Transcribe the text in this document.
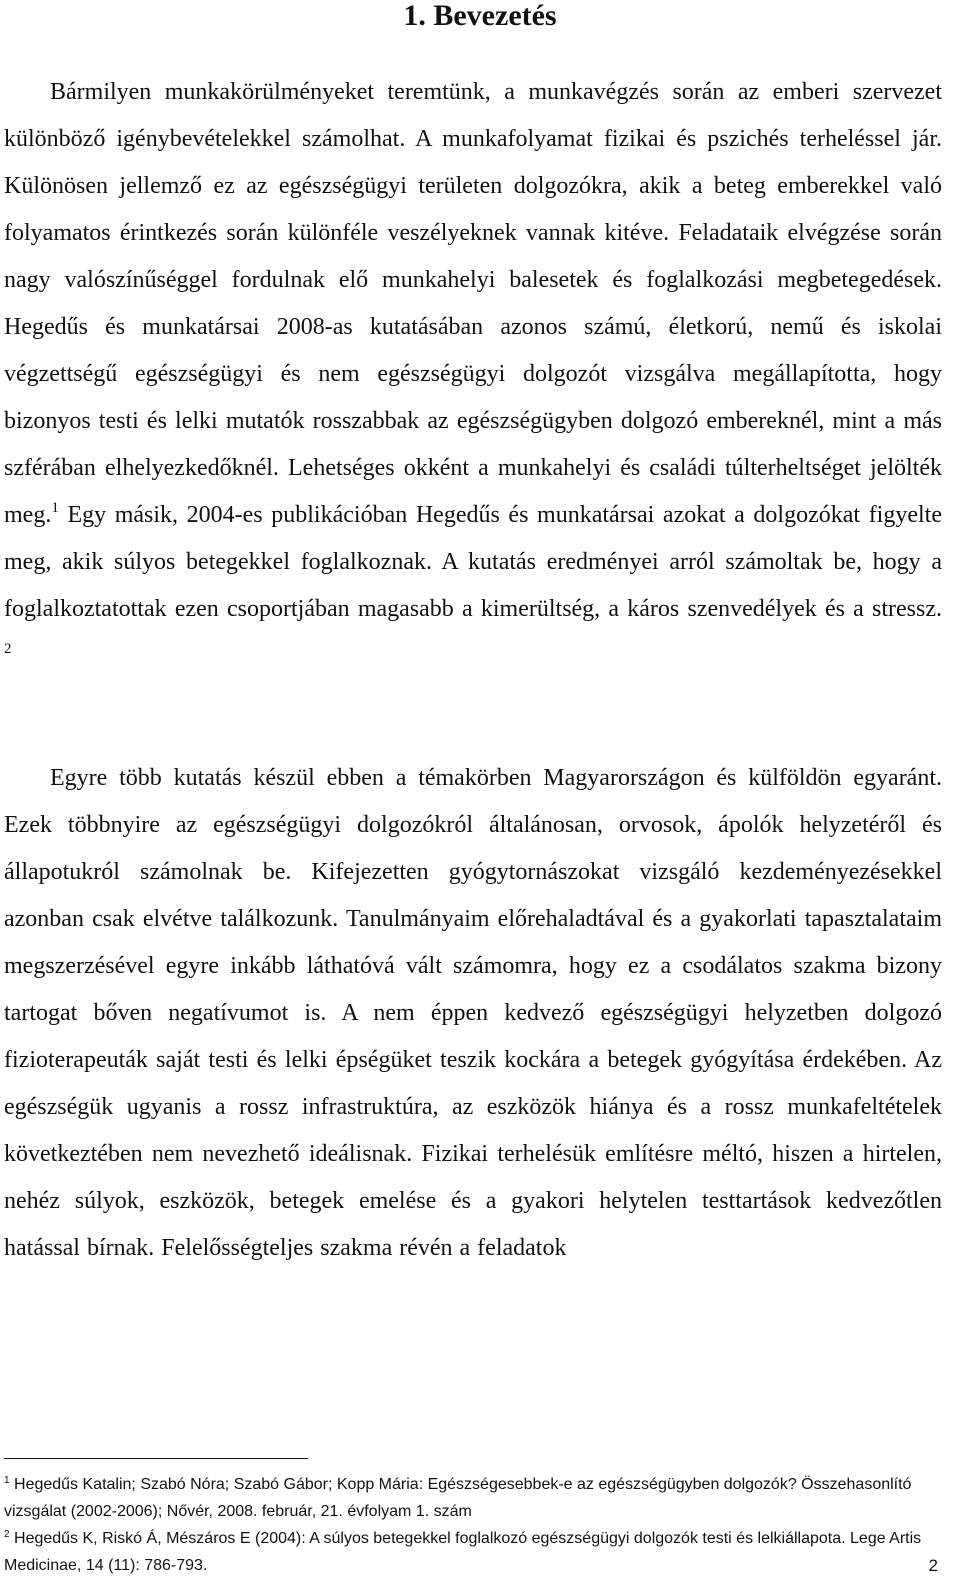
1. Bevezetés

Bármilyen munkakörülményeket teremtünk, a munkavégzés során az emberi szervezet különböző igénybevételekkel számolhat. A munkafolyamat fizikai és pszichés terheléssel jár. Különösen jellemző ez az egészségügyi területen dolgozókra, akik a beteg emberekkel való folyamatos érintkezés során különféle veszélyeknek vannak kitéve. Feladataik elvégzése során nagy valószínűséggel fordulnak elő munkahelyi balesetek és foglalkozási megbetegedések. Hegedűs és munkatársai 2008-as kutatásában azonos számú, életkorú, nemű és iskolai végzettségű egészségügyi és nem egészségügyi dolgozót vizsgálva megállapította, hogy bizonyos testi és lelki mutatók rosszabbak az egészségügyben dolgozó embereknél, mint a más szférában elhelyezkedőknél. Lehetséges okként a munkahelyi és családi túlterheltséget jelölték meg.$^1$ Egy másik, 2004-es publikációban Hegedűs és munkatársai azokat a dolgozókat figyelte meg, akik súlyos betegekkel foglalkoznak. A kutatás eredményei arról számoltak be, hogy a foglalkoztatottak ezen csoportjában magasabb a kimerültség, a káros szenvedélyek és a stressz. $^2$

Egyre több kutatás készül ebben a témakörben Magyarországon és külföldön egyaránt. Ezek többnyire az egészségügyi dolgozókról általánosan, orvosok, ápolók helyzetéről és állapotukról számolnak be. Kifejezetten gyógytornászokat vizsgáló kezdeményezésekkel azonban csak elvétve találkozunk. Tanulmányaim előrehaladtával és a gyakorlati tapasztalataim megszerzésével egyre inkább láthatóvá vált számomra, hogy ez a csodálatos szakma bizony tartogat bőven negatívumot is. A nem éppen kedvező egészségügyi helyzetben dolgozó fizioterapeuták saját testi és lelki épségüket teszik kockára a betegek gyógyítása érdekében. Az egészségük ugyanis a rossz infrastruktúra, az eszközök hiánya és a rossz munkafeltételek következtében nem nevezhető ideálisnak. Fizikai terhelésük említésre méltó, hiszen a hirtelen, nehéz súlyok, eszközök, betegek emelése és a gyakori helytelen testtartások kedvezőtlen hatással bírnak. Felelősségteljes szakma révén a feladatok

$^1$ Hegedűs Katalin; Szabó Nóra; Szabó Gábor; Kopp Mária: Egészségesebbek-e az egészségügyben dolgozók? Összehasonlító vizsgálat (2002-2006); Nővér, 2008. február, 21. évfolyam 1. szám

$^2$ Hegedűs K, Riskó Á, Mészáros E (2004): A súlyos betegekkel foglalkozó egészségügyi dolgozók testi és lelkiállapota. Lege Artis Medicinae, 14 (11): 786-793.	2
